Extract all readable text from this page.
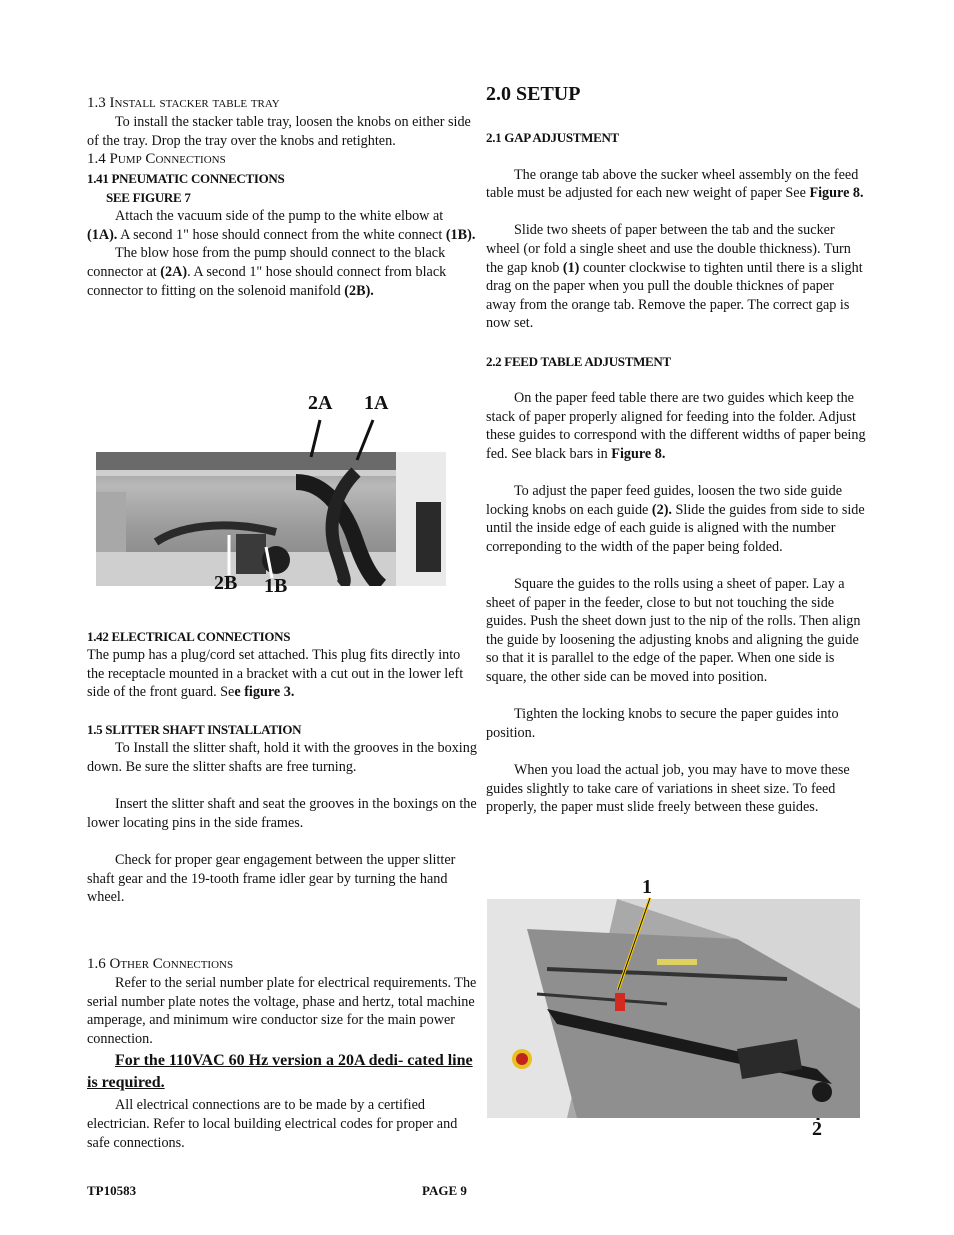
1.3 Install stacker table tray

To install the stacker table tray, loosen the knobs on either side of the tray. Drop the tray over the knobs and retighten.

1.4 Pump Connections
1.41 PNEUMATIC CONNECTIONS
SEE FIGURE 7

Attach the vacuum side of the pump to the white elbow at (1A). A second 1" hose should connect from the white connect (1B).

The blow hose from the pump should connect to the black connector at (2A). A second 1" hose should connect from black connector to fitting on the solenoid manifold (2B).

2A 1A
2B 1B
1.42 ELECTRICAL CONNECTIONS

The pump has a plug/cord set attached. This plug fits directly into the receptacle mounted in a bracket with a cut out in the lower left side of the front guard. See figure 3.

1.5 SLITTER SHAFT INSTALLATION

To Install the slitter shaft, hold it with the grooves in the boxing down. Be sure the slitter shafts are free turning.

Insert the slitter shaft and seat the grooves in the boxings on the lower locating pins in the side frames.

Check for proper gear engagement between the upper slitter shaft gear and the 19-tooth frame idler gear by turning the hand wheel.

1.6 Other Connections

Refer to the serial number plate for electrical requirements. The serial number plate notes the voltage, phase and hertz, total machine amperage, and minimum wire conductor size for the main power connection.

For the 110VAC 60 Hz version a 20A dedi- cated line is required.

All electrical connections are to be made by a certified electrician. Refer to local building electrical codes for proper and safe connections.

2.0 SETUP
2.1 GAP ADJUSTMENT

The orange tab above the sucker wheel assembly on the feed table must be adjusted for each new weight of paper See Figure 8.

Slide two sheets of paper between the tab and the sucker wheel (or fold a single sheet and use the double thickness). Turn the gap knob (1) counter clockwise to tighten until there is a slight drag on the paper when you pull the double thicknes of paper away from the orange tab. Remove the paper. The correct gap is now set.

2.2 FEED TABLE ADJUSTMENT

On the paper feed table there are two guides which keep the stack of paper properly aligned for feeding into the folder. Adjust these guides to correspond with the different widths of paper being fed. See black bars in Figure 8.

To adjust the paper feed guides, loosen the two side guide locking knobs on each guide (2). Slide the guides from side to side until the inside edge of each guide is aligned with the number correponding to the width of the paper being folded.

Square the guides to the rolls using a sheet of paper. Lay a sheet of paper in the feeder, close to but not touching the side guides. Push the sheet down just to the nip of the rolls. Then align the guide by loosening the adjusting knobs and aligning the guide so that it is parallel to the edge of the paper. When one side is square, the other side can be moved into position.

Tighten the locking knobs to secure the paper guides into position.

When you load the actual job, you may have to move these guides slightly to take care of variations in sheet size. To feed properly, the paper must slide freely between these guides.

1
2
TP10583	PAGE 9
